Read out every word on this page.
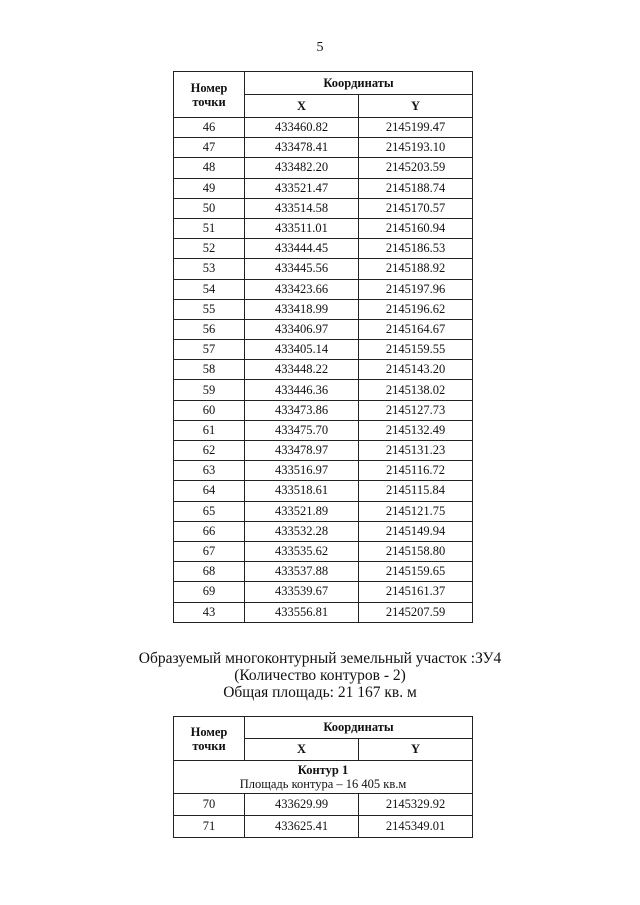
5
Номер точки	Координаты	
	X	Y
46	433460.82	2145199.47
47	433478.41	2145193.10
48	433482.20	2145203.59
49	433521.47	2145188.74
50	433514.58	2145170.57
51	433511.01	2145160.94
52	433444.45	2145186.53
53	433445.56	2145188.92
54	433423.66	2145197.96
55	433418.99	2145196.62
56	433406.97	2145164.67
57	433405.14	2145159.55
58	433448.22	2145143.20
59	433446.36	2145138.02
60	433473.86	2145127.73
61	433475.70	2145132.49
62	433478.97	2145131.23
63	433516.97	2145116.72
64	433518.61	2145115.84
65	433521.89	2145121.75
66	433532.28	2145149.94
67	433535.62	2145158.80
68	433537.88	2145159.65
69	433539.67	2145161.37
43	433556.81	2145207.59
Образуемый многоконтурный земельный участок :ЗУ4
(Количество контуров - 2)
Общая площадь: 21 167 кв. м
Номер точки	Координаты	
	X	Y

Контур 1
Площадь контура – 16 405 кв.м		

70	433629.99	2145329.92
71	433625.41	2145349.01
